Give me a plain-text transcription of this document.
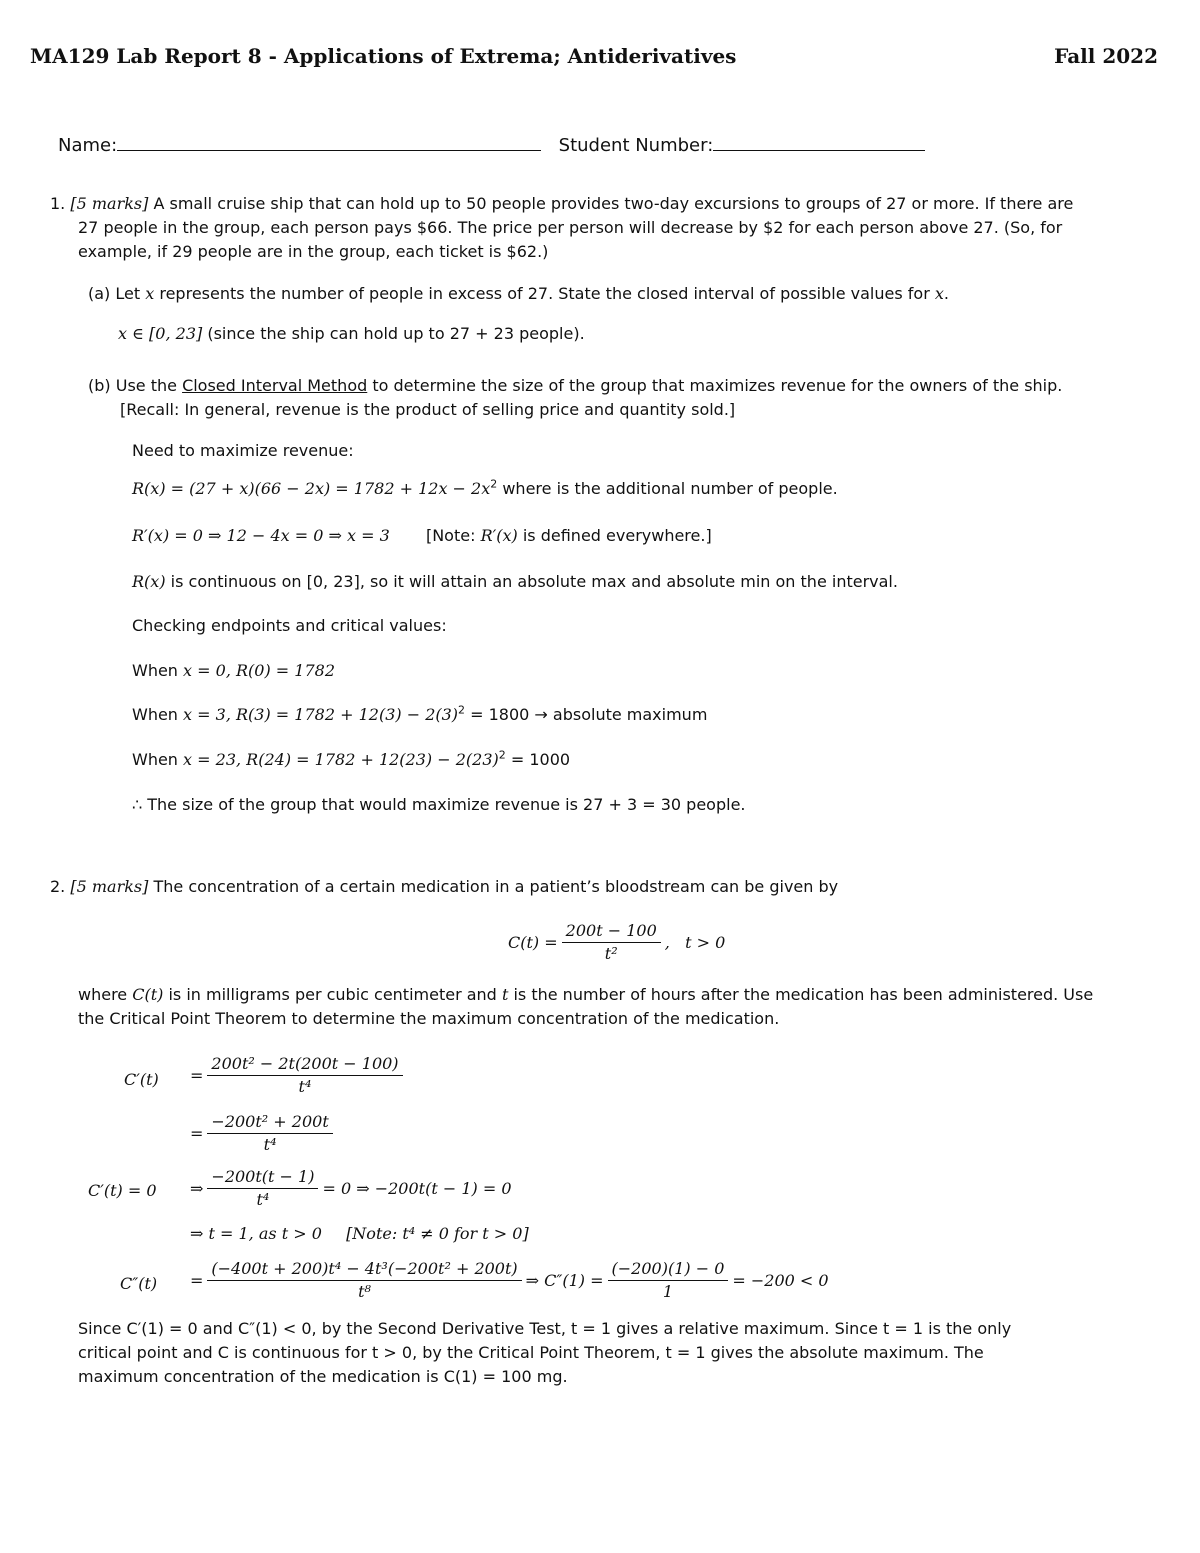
MA129 Lab Report 8 - Applications of Extrema; Antiderivatives	Fall 2022
Name:	Student Number:
1. [5 marks] A small cruise ship that can hold up to 50 people provides two-day excursions to groups of 27 or more. If there are
27 people in the group, each person pays $66. The price per person will decrease by $2 for each person above 27. (So, for
example, if 29 people are in the group, each ticket is $62.)
(a) Let x represents the number of people in excess of 27. State the closed interval of possible values for x.
x ∈ [0, 23] (since the ship can hold up to 27 + 23 people).
(b) Use the Closed Interval Method to determine the size of the group that maximizes revenue for the owners of the ship.
[Recall: In general, revenue is the product of selling price and quantity sold.]
Need to maximize revenue:
$R(x) = (27 + x)(66 - 2x) = 1782 + 12x - 2x^2$ where is the additional number of people.
R′(x) = 0 ⇒ 12 − 4x = 0 ⇒ x = 3 [Note: R′(x) is defined everywhere.]
R(x) is continuous on [0, 23], so it will attain an absolute max and absolute min on the interval.
Checking endpoints and critical values:
When x = 0, R(0) = 1782
When x = 3, $R(3) = 1782 + 12(3) - 2(3)^2 = 1800$ → absolute maximum
When x = 23, $R(24) = 1782 + 12(23) - 2(23)^2 = 1000$
∴ The size of the group that would maximize revenue is 27 + 3 = 30 people.
2. [5 marks] The concentration of a certain medication in a patient’s bloodstream can be given by
$C(t) = \frac{200t - 100}{\text{t²}}$ ,   t > 0
where C(t) is in milligrams per cubic centimeter and t is the number of hours after the medication has been administered. Use
the Critical Point Theorem to determine the maximum concentration of the medication.
$C'(t) = \frac{\text{200t² − 2t(200t − 100)}}{\text{t⁴}}$
= $\frac{\text{−200t² + 200t}}{\text{t⁴}}$
C′(t) = 0 ⇒ $\frac{-200t(t - 1)}{\text{t⁴}} = 0$ ⇒ −200t(t − 1) = 0
⇒ t = 1, as t > 0 [Note: t⁴ ≠ 0 for t > 0]
$C''(t) = \frac{\text{(−400t + 200)t⁴ − 4t³(−200t² + 200t)}}{\text{t⁸}}$ ⇒ $C''(1) = \frac{(-200)(1) - 0}{1} = -200 < 0$
Since C′(1) = 0 and C″(1) < 0, by the Second Derivative Test, t = 1 gives a relative maximum. Since t = 1 is the only
critical point and C is continuous for t > 0, by the Critical Point Theorem, t = 1 gives the absolute maximum. The
maximum concentration of the medication is C(1) = 100 mg.
